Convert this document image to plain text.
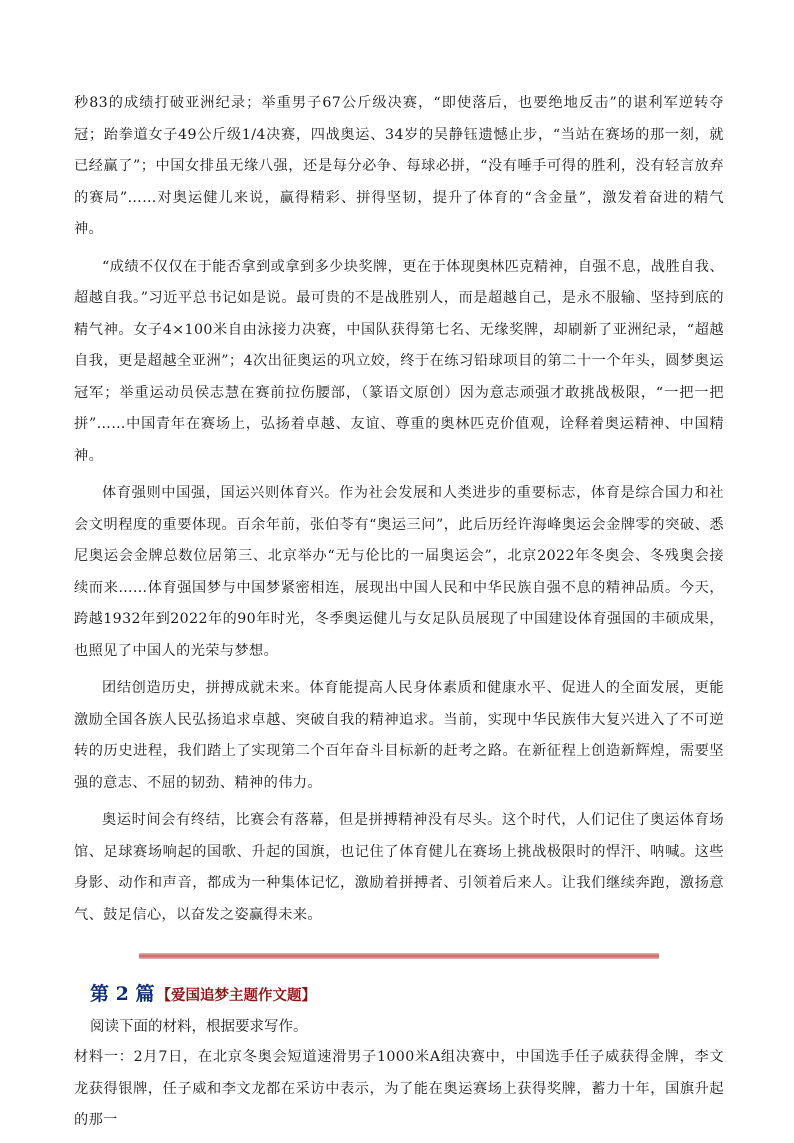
秒83的成绩打破亚洲纪录；举重男子67公斤级决赛，“即使落后，也要绝地反击”的谌利军逆转夺冠；跆拳道女子49公斤级1/4决赛，四战奥运、34岁的吴静钰遗憾止步，“当站在赛场的那一刻，就已经赢了”；中国女排虽无缘八强，还是每分必争、每球必拼，“没有唾手可得的胜利，没有轻言放弃的赛局”……对奥运健儿来说，赢得精彩、拼得坚韧，提升了体育的“含金量”，激发着奋进的精气神。

“成绩不仅仅在于能否拿到或拿到多少块奖牌，更在于体现奥林匹克精神，自强不息，战胜自我、超越自我。”习近平总书记如是说。最可贵的不是战胜别人，而是超越自己，是永不服输、坚持到底的精气神。女子4×100米自由泳接力决赛，中国队获得第七名、无缘奖牌，却刷新了亚洲纪录，“超越自我，更是超越全亚洲”；4次出征奥运的巩立姣，终于在练习铅球项目的第二十一个年头，圆梦奥运冠军；举重运动员侯志慧在赛前拉伤腰部，（篆语文原创）因为意志顽强才敢挑战极限，“一把一把拼”……中国青年在赛场上，弘扬着卓越、友谊、尊重的奥林匹克价值观，诠释着奥运精神、中国精神。

体育强则中国强，国运兴则体育兴。作为社会发展和人类进步的重要标志，体育是综合国力和社会文明程度的重要体现。百余年前，张伯苓有“奥运三问”，此后历经许海峰奥运会金牌零的突破、悉尼奥运会金牌总数位居第三、北京举办“无与伦比的一届奥运会”，北京2022年冬奥会、冬残奥会接续而来……体育强国梦与中国梦紧密相连，展现出中国人民和中华民族自强不息的精神品质。今天，跨越1932年到2022年的90年时光，冬季奥运健儿与女足队员展现了中国建设体育强国的丰硕成果，也照见了中国人的光荣与梦想。

团结创造历史，拼搏成就未来。体育能提高人民身体素质和健康水平、促进人的全面发展，更能激励全国各族人民弘扬追求卓越、突破自我的精神追求。当前，实现中华民族伟大复兴进入了不可逆转的历史进程，我们踏上了实现第二个百年奋斗目标新的赶考之路。在新征程上创造新辉煌，需要坚强的意志、不屈的韧劲、精神的伟力。

奥运时间会有终结，比赛会有落幕，但是拼搏精神没有尽头。这个时代，人们记住了奥运体育场馆、足球赛场响起的国歌、升起的国旗，也记住了体育健儿在赛场上挑战极限时的悍汗、呐喊。这些身影、动作和声音，都成为一种集体记忆，激励着拼搏者、引领着后来人。让我们继续奔跑，激扬意气、鼓足信心，以奋发之姿赢得未来。

第 2 篇 【爱国追梦主题作文题】

阅读下面的材料，根据要求写作。

材料一：2月7日，在北京冬奥会短道速滑男子1000米A组决赛中，中国选手任子威获得金牌，李文龙获得银牌，任子威和李文龙都在采访中表示，为了能在奥运赛场上获得奖牌，蓄力十年，国旗升起的那一
